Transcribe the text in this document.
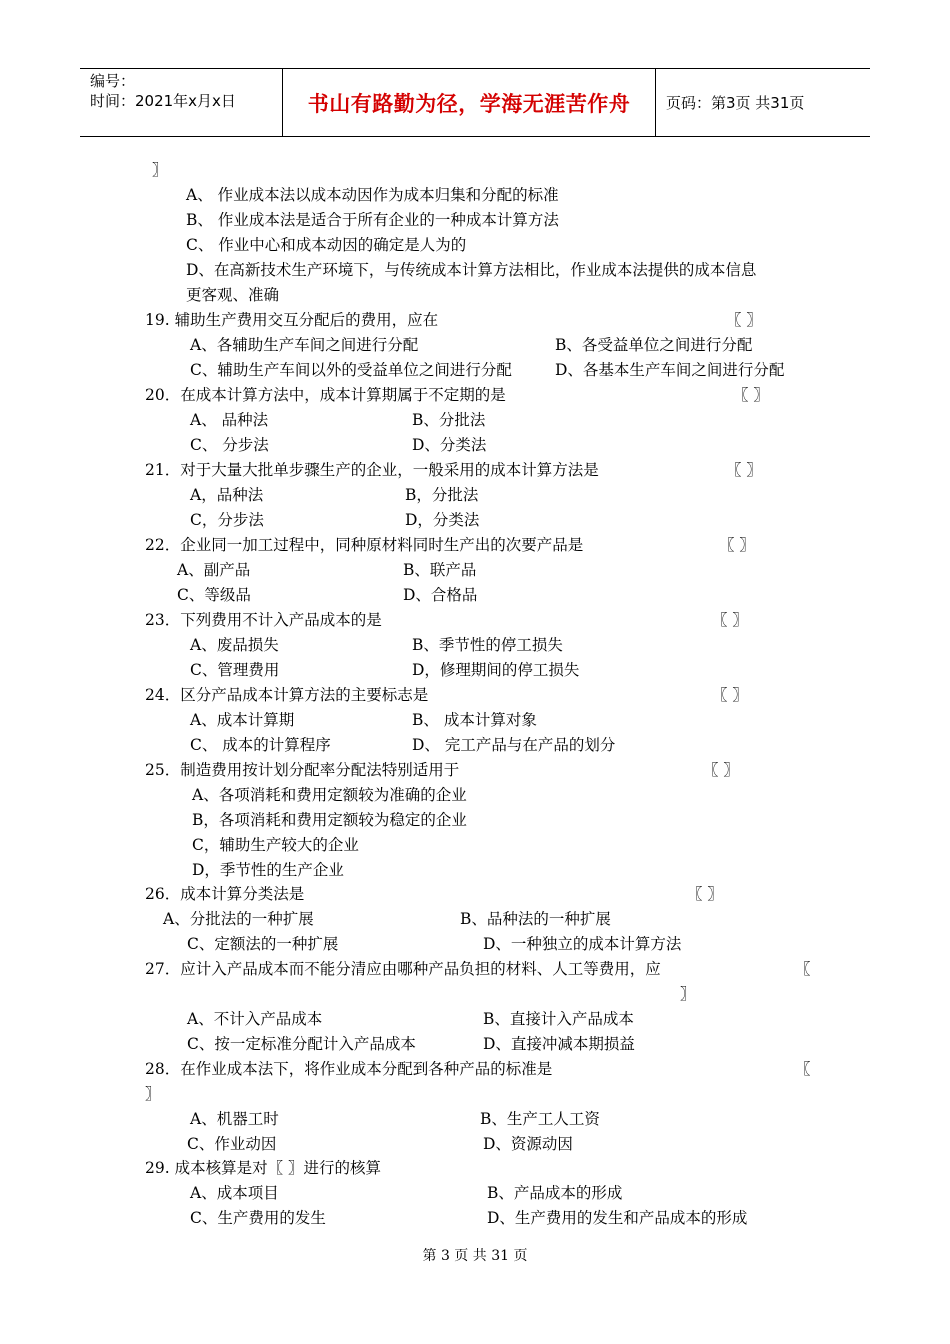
编号：
时间：2021年x月x日	书山有路勤为径，学海无涯苦作舟 页码：第3页 共31页
〗
A、 作业成本法以成本动因作为成本归集和分配的标准
B、 作业成本法是适合于所有企业的一种成本计算方法
C、 作业中心和成本动因的确定是人为的
D、在高新技术生产环境下，与传统成本计算方法相比，作业成本法提供的成本信息
更客观、准确
19. 辅助生产费用交互分配后的费用，应在	〖 〗
A、各辅助生产车间之间进行分配	B、各受益单位之间进行分配
C、辅助生产车间以外的受益单位之间进行分配	D、各基本生产车间之间进行分配
20．在成本计算方法中，成本计算期属于不定期的是	〖 〗
A、 品种法	B、分批法
C、 分步法	D、分类法
21．对于大量大批单步骤生产的企业，一般采用的成本计算方法是	〖 〗
A，品种法	B，分批法
C，分步法	D，分类法
22．企业同一加工过程中，同种原材料同时生产出的次要产品是	〖 〗
A、副产品	B、联产品
C、等级品	D、合格品
23．下列费用不计入产品成本的是	〖 〗
A、废品损失	B、季节性的停工损失
C、管理费用	D，修理期间的停工损失
24．区分产品成本计算方法的主要标志是	〖 〗
A、成本计算期	B、 成本计算对象
C、 成本的计算程序	D、 完工产品与在产品的划分
25．制造费用按计划分配率分配法特别适用于	〖 〗
A、各项消耗和费用定额较为准确的企业
B，各项消耗和费用定额较为稳定的企业
C，辅助生产较大的企业
D，季节性的生产企业
26．成本计算分类法是	〖 〗
A、分批法的一种扩展	B、品种法的一种扩展
C、定额法的一种扩展	D、一种独立的成本计算方法
27．应计入产品成本而不能分清应由哪种产品负担的材料、人工等费用，应	〖
〗
A、不计入产品成本	B、直接计入产品成本
C、按一定标准分配计入产品成本	D、直接冲减本期损益
28．在作业成本法下，将作业成本分配到各种产品的标准是	〖
〗
A、机器工时	B、生产工人工资
C、作业动因	D、资源动因
29. 成本核算是对〖 〗进行的核算
A、成本项目	B、产品成本的形成
C、生产费用的发生	D、生产费用的发生和产品成本的形成
第 3 页 共 31 页
